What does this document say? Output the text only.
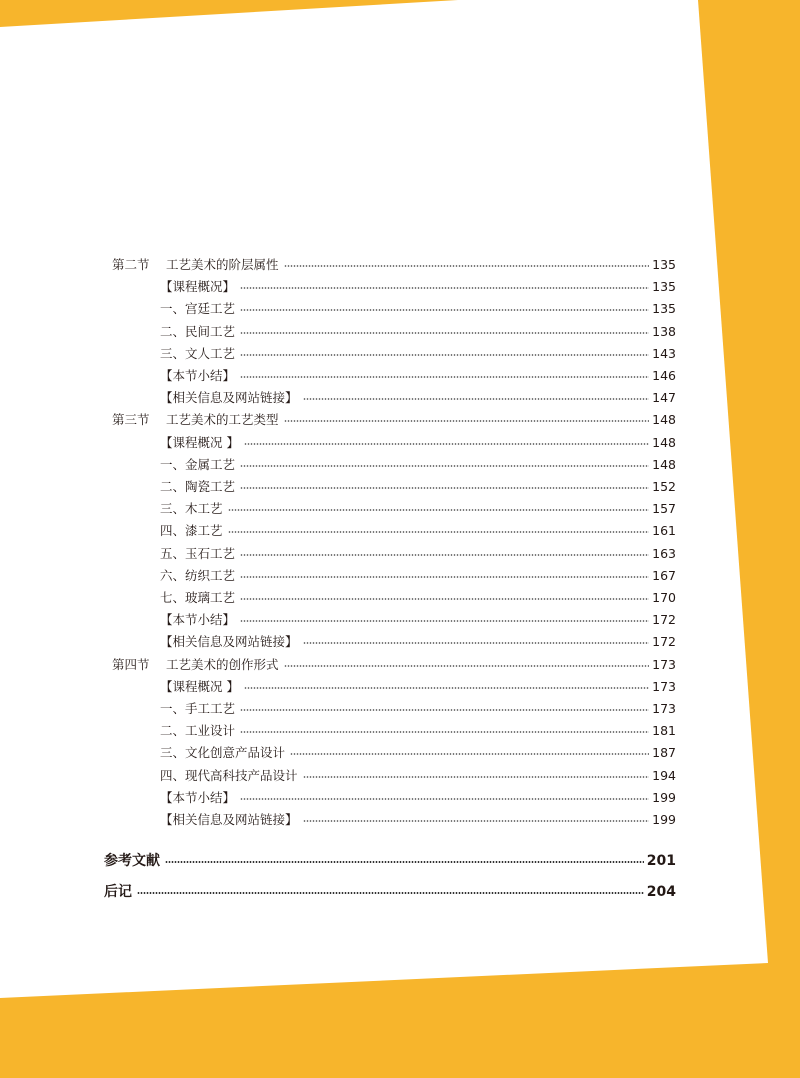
第二节	工艺美术的阶层属性	135
【课程概况】	135
一、宫廷工艺	135
二、民间工艺	138
三、文人工艺	143
【本节小结】	146
【相关信息及网站链接】	147
第三节	工艺美术的工艺类型	148
【课程概况 】	148
一、金属工艺	148
二、陶瓷工艺	152
三、木工艺	157
四、漆工艺	161
五、玉石工艺	163
六、纺织工艺	167
七、玻璃工艺	170
【本节小结】	172
【相关信息及网站链接】	172
第四节	工艺美术的创作形式	173
【课程概况 】	173
一、手工工艺	173
二、工业设计	181
三、文化创意产品设计	187
四、现代高科技产品设计	194
【本节小结】	199
【相关信息及网站链接】	199
参考文献	201
后记	204
